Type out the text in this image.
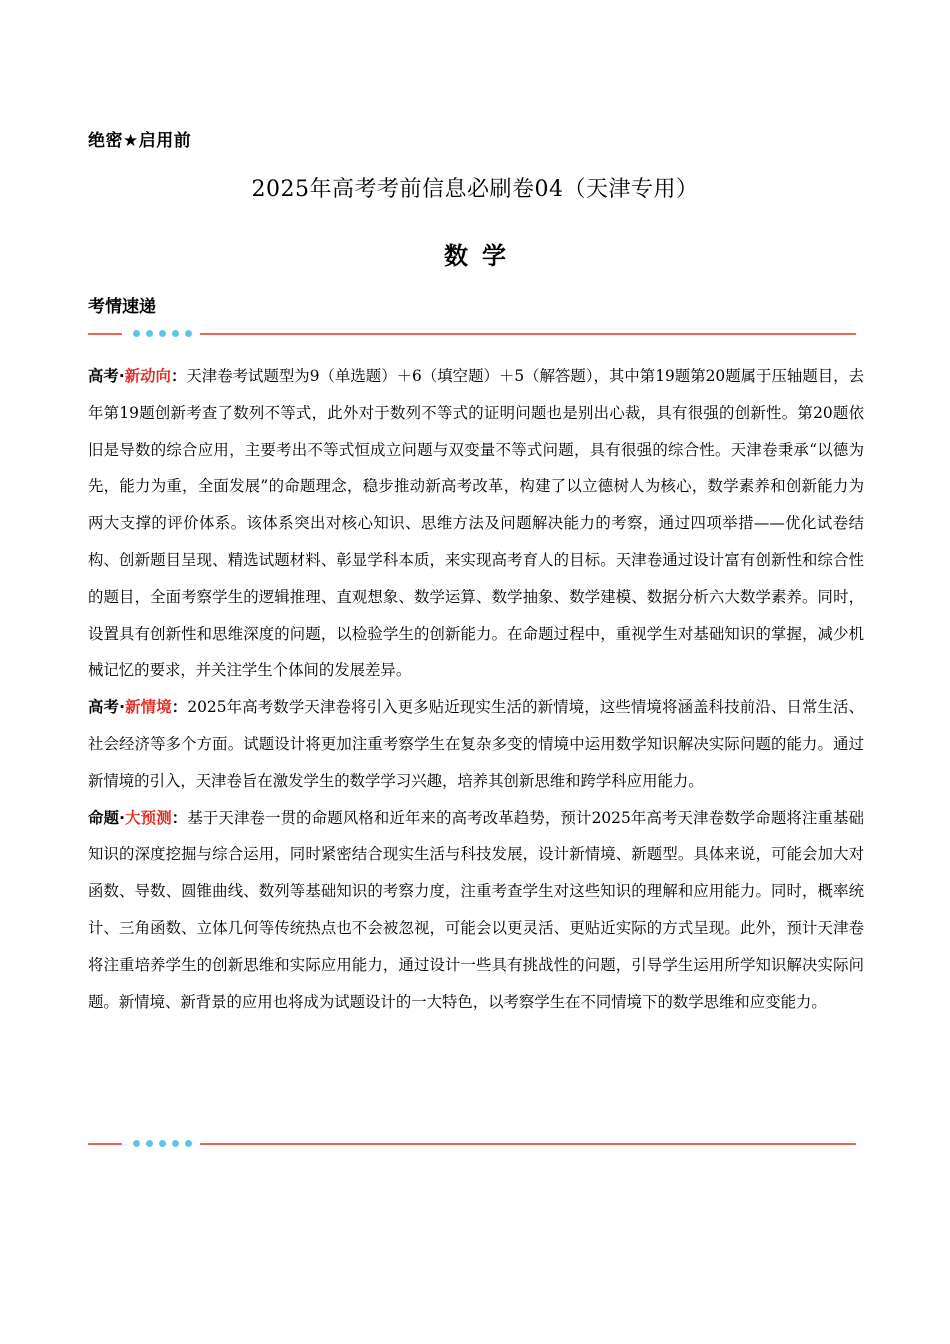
绝密★启用前
2025年高考考前信息必刷卷04（天津专用）
数学
考情速递

高考·新动向：天津卷考试题型为9（单选题）＋6（填空题）＋5（解答题），其中第19题第20题属于压轴题目，去年第19题创新考查了数列不等式，此外对于数列不等式的证明问题也是别出心裁，具有很强的创新性。第20题依旧是导数的综合应用，主要考出不等式恒成立问题与双变量不等式问题，具有很强的综合性。天津卷秉承“以德为先，能力为重，全面发展”的命题理念，稳步推动新高考改革，构建了以立德树人为核心，数学素养和创新能力为两大支撑的评价体系。该体系突出对核心知识、思维方法及问题解决能力的考察，通过四项举措——优化试卷结构、创新题目呈现、精选试题材料、彰显学科本质，来实现高考育人的目标。天津卷通过设计富有创新性和综合性的题目，全面考察学生的逻辑推理、直观想象、数学运算、数学抽象、数学建模、数据分析六大数学素养。同时，设置具有创新性和思维深度的问题，以检验学生的创新能力。在命题过程中，重视学生对基础知识的掌握，减少机械记忆的要求，并关注学生个体间的发展差异。

高考·新情境：2025年高考数学天津卷将引入更多贴近现实生活的新情境，这些情境将涵盖科技前沿、日常生活、社会经济等多个方面。试题设计将更加注重考察学生在复杂多变的情境中运用数学知识解决实际问题的能力。通过新情境的引入，天津卷旨在激发学生的数学学习兴趣，培养其创新思维和跨学科应用能力。

命题·大预测：基于天津卷一贯的命题风格和近年来的高考改革趋势，预计2025年高考天津卷数学命题将注重基础知识的深度挖掘与综合运用，同时紧密结合现实生活与科技发展，设计新情境、新题型。具体来说，可能会加大对函数、导数、圆锥曲线、数列等基础知识的考察力度，注重考查学生对这些知识的理解和应用能力。同时，概率统计、三角函数、立体几何等传统热点也不会被忽视，可能会以更灵活、更贴近实际的方式呈现。此外，预计天津卷将注重培养学生的创新思维和实际应用能力，通过设计一些具有挑战性的问题，引导学生运用所学知识解决实际问题。新情境、新背景的应用也将成为试题设计的一大特色，以考察学生在不同情境下的数学思维和应变能力。
